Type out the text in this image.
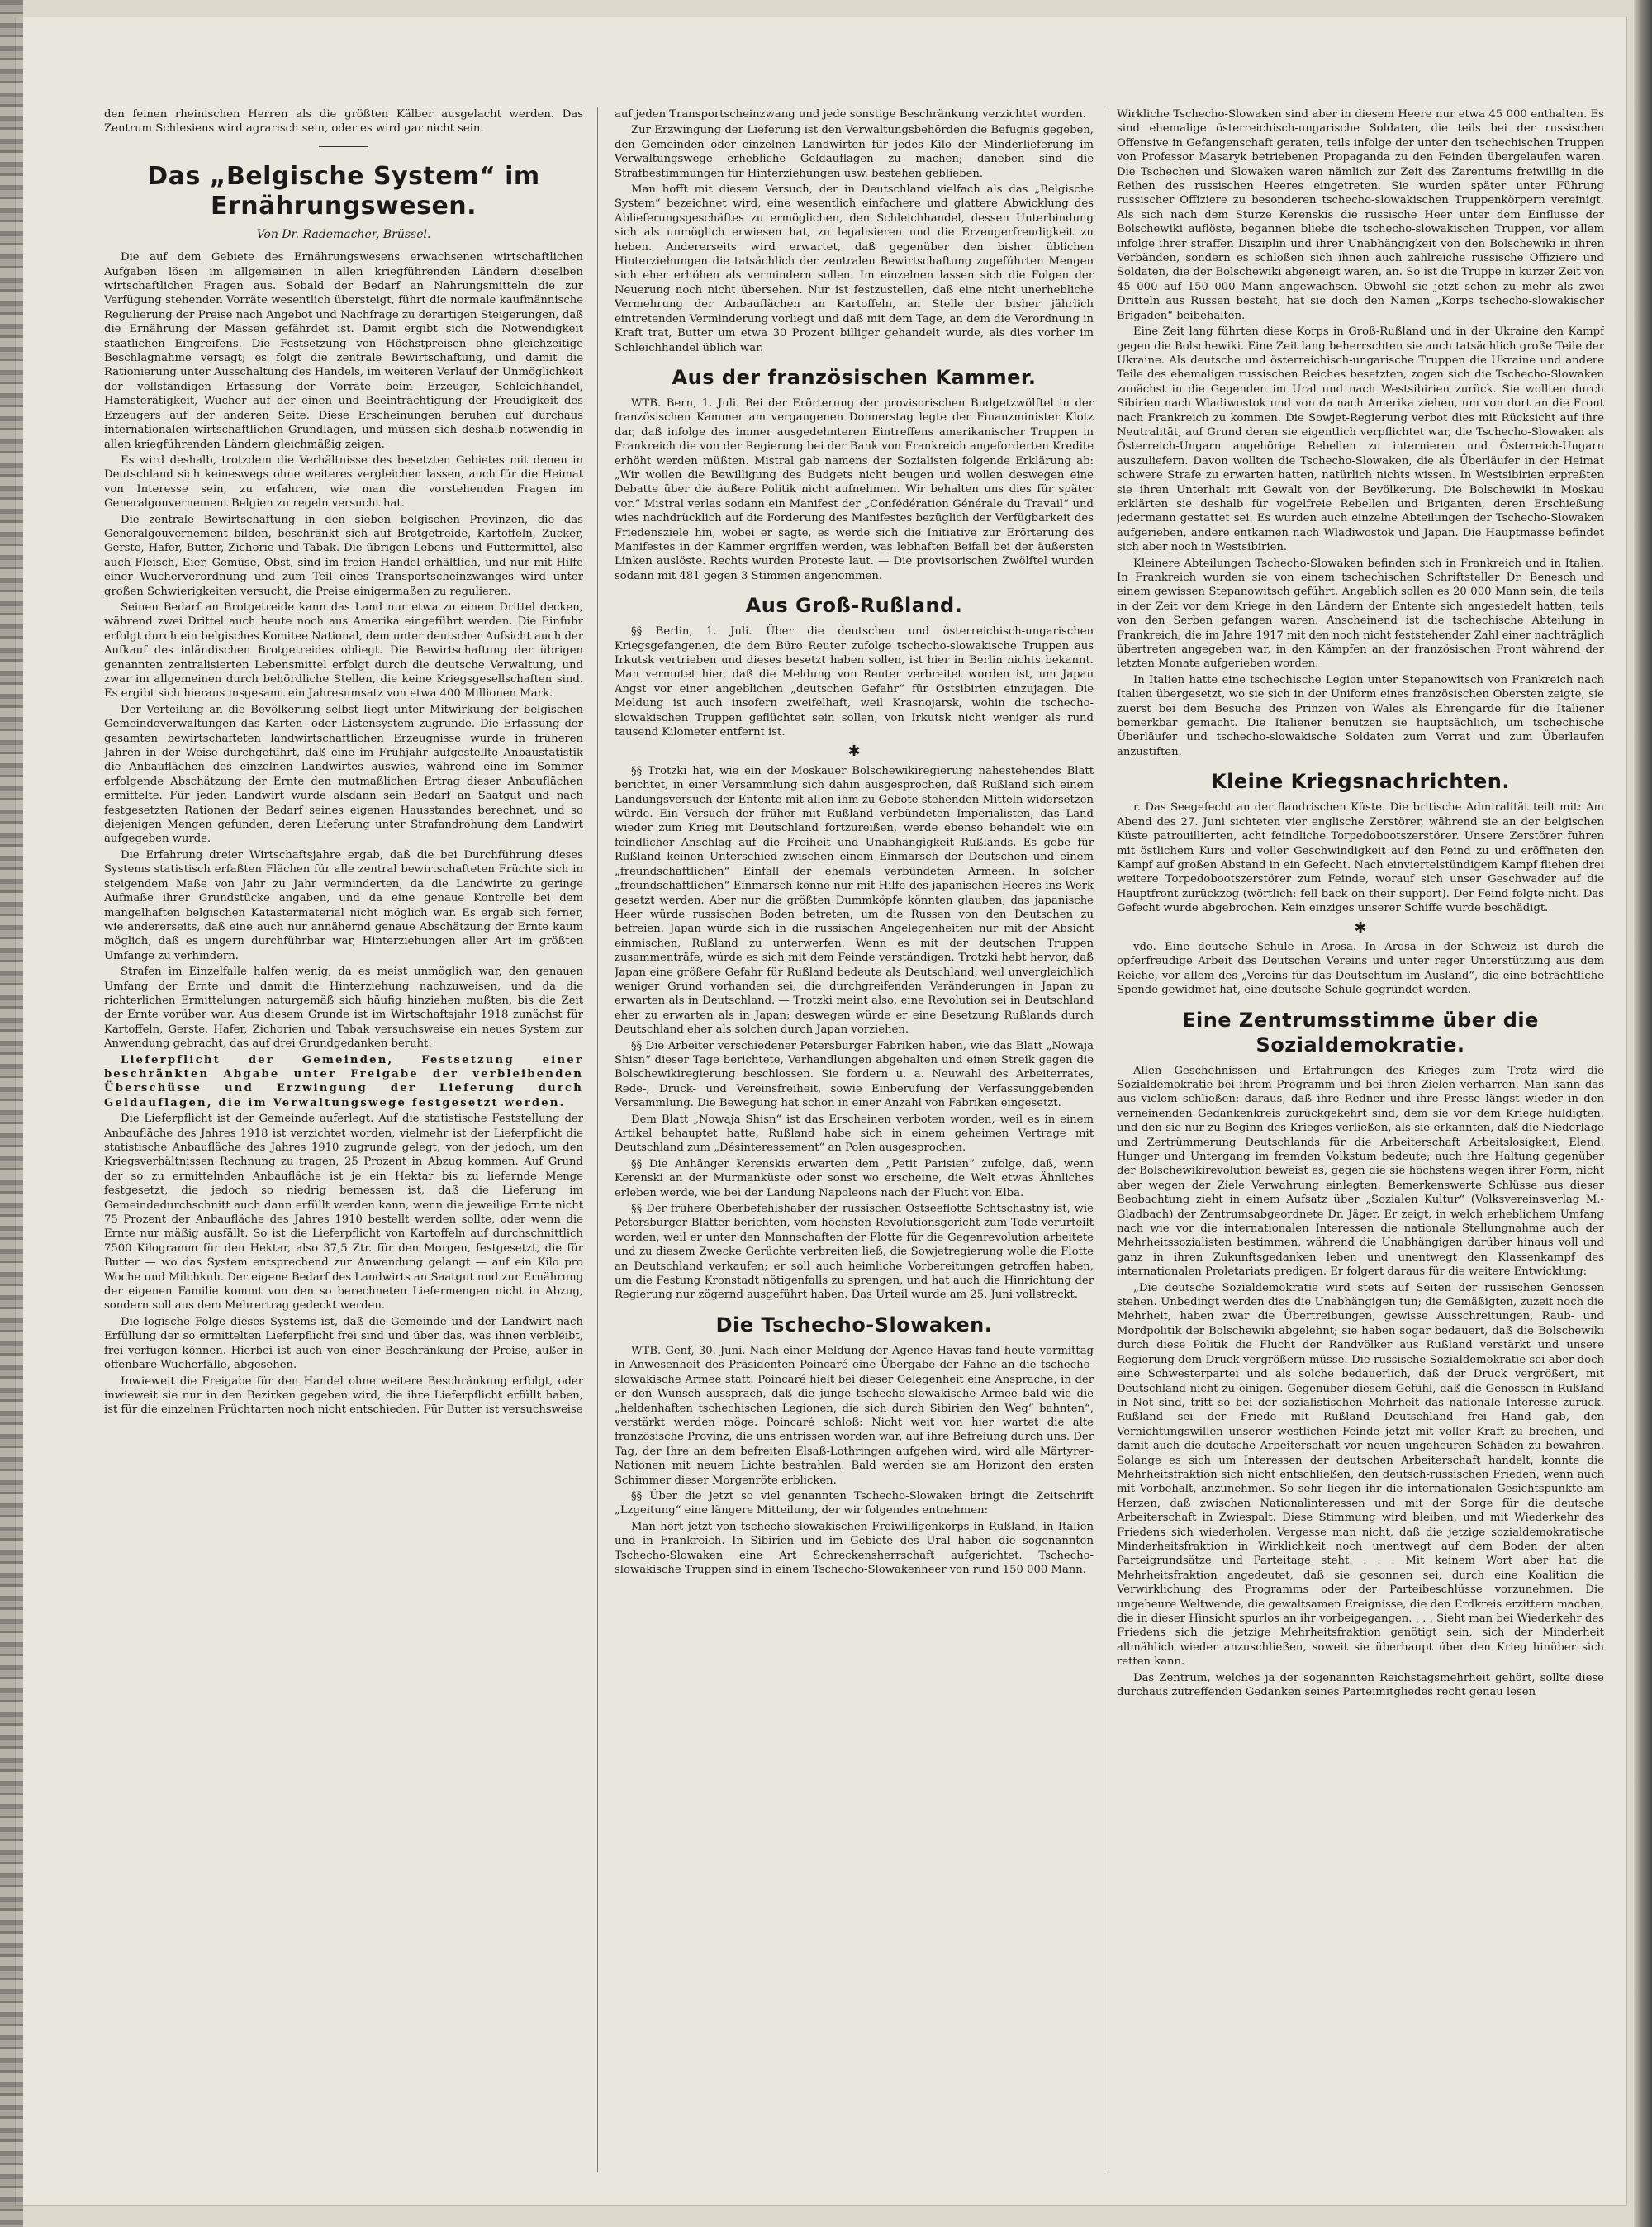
den feinen rheinischen Herren als die größten Kälber ausgelacht werden. Das Zentrum Schlesiens wird agrarisch sein, oder es wird gar nicht sein.

Das „Belgische System“ im Ernährungswesen.
Von Dr. Rademacher, Brüssel.

Die auf dem Gebiete des Ernährungswesens erwachsenen wirtschaftlichen Aufgaben lösen im allgemeinen in allen kriegführenden Ländern dieselben wirtschaftlichen Fragen aus. Sobald der Bedarf an Nahrungsmitteln die zur Verfügung stehenden Vorräte wesentlich übersteigt, führt die normale kaufmännische Regulierung der Preise nach Angebot und Nachfrage zu derartigen Steigerungen, daß die Ernährung der Massen gefährdet ist. Damit ergibt sich die Notwendigkeit staatlichen Eingreifens. Die Festsetzung von Höchstpreisen ohne gleichzeitige Beschlagnahme versagt; es folgt die zentrale Bewirtschaftung, und damit die Rationierung unter Ausschaltung des Handels, im weiteren Verlauf der Unmöglichkeit der vollständigen Erfassung der Vorräte beim Erzeuger, Schleichhandel, Hamsterätigkeit, Wucher auf der einen und Beeinträchtigung der Freudigkeit des Erzeugers auf der anderen Seite. Diese Erscheinungen beruhen auf durchaus internationalen wirtschaftlichen Grundlagen, und müssen sich deshalb notwendig in allen kriegführenden Ländern gleichmäßig zeigen.

Es wird deshalb, trotzdem die Verhältnisse des besetzten Gebietes mit denen in Deutschland sich keineswegs ohne weiteres vergleichen lassen, auch für die Heimat von Interesse sein, zu erfahren, wie man die vorstehenden Fragen im Generalgouvernement Belgien zu regeln versucht hat.

Die zentrale Bewirtschaftung in den sieben belgischen Provinzen, die das Generalgouvernement bilden, beschränkt sich auf Brotgetreide, Kartoffeln, Zucker, Gerste, Hafer, Butter, Zichorie und Tabak. Die übrigen Lebens- und Futtermittel, also auch Fleisch, Eier, Gemüse, Obst, sind im freien Handel erhältlich, und nur mit Hilfe einer Wucherverordnung und zum Teil eines Transportscheinzwanges wird unter großen Schwierigkeiten versucht, die Preise einigermaßen zu regulieren.

Seinen Bedarf an Brotgetreide kann das Land nur etwa zu einem Drittel decken, während zwei Drittel auch heute noch aus Amerika eingeführt werden. Die Einfuhr erfolgt durch ein belgisches Komitee National, dem unter deutscher Aufsicht auch der Aufkauf des inländischen Brotgetreides obliegt. Die Bewirtschaftung der übrigen genannten zentralisierten Lebensmittel erfolgt durch die deutsche Verwaltung, und zwar im allgemeinen durch behördliche Stellen, die keine Kriegsgesellschaften sind. Es ergibt sich hieraus insgesamt ein Jahresumsatz von etwa 400 Millionen Mark.

Der Verteilung an die Bevölkerung selbst liegt unter Mitwirkung der belgischen Gemeindeverwaltungen das Karten- oder Listensystem zugrunde. Die Erfassung der gesamten bewirtschafteten landwirtschaftlichen Erzeugnisse wurde in früheren Jahren in der Weise durchgeführt, daß eine im Frühjahr aufgestellte Anbaustatistik die Anbauflächen des einzelnen Landwirtes auswies, während eine im Sommer erfolgende Abschätzung der Ernte den mutmaßlichen Ertrag dieser Anbauflächen ermittelte. Für jeden Landwirt wurde alsdann sein Bedarf an Saatgut und nach festgesetzten Rationen der Bedarf seines eigenen Hausstandes berechnet, und so diejenigen Mengen gefunden, deren Lieferung unter Strafandrohung dem Landwirt aufgegeben wurde.

Die Erfahrung dreier Wirtschaftsjahre ergab, daß die bei Durchführung dieses Systems statistisch erfaßten Flächen für alle zentral bewirtschafteten Früchte sich in steigendem Maße von Jahr zu Jahr verminderten, da die Landwirte zu geringe Aufmaße ihrer Grundstücke angaben, und da eine genaue Kontrolle bei dem mangelhaften belgischen Katastermaterial nicht möglich war. Es ergab sich ferner, wie andererseits, daß eine auch nur annähernd genaue Abschätzung der Ernte kaum möglich, daß es ungern durchführbar war, Hinterziehungen aller Art im größten Umfange zu verhindern.

Strafen im Einzelfalle halfen wenig, da es meist unmöglich war, den genauen Umfang der Ernte und damit die Hinterziehung nachzuweisen, und da die richterlichen Ermittelungen naturgemäß sich häufig hinziehen mußten, bis die Zeit der Ernte vorüber war. Aus diesem Grunde ist im Wirtschaftsjahr 1918 zunächst für Kartoffeln, Gerste, Hafer, Zichorien und Tabak versuchsweise ein neues System zur Anwendung gebracht, das auf drei Grundgedanken beruht:

Lieferpflicht der Gemeinden, Festsetzung einer beschränkten Abgabe unter Freigabe der verbleibenden Überschüsse und Erzwingung der Lieferung durch Geldauflagen, die im Verwaltungswege festgesetzt werden.

Die Lieferpflicht ist der Gemeinde auferlegt. Auf die statistische Feststellung der Anbaufläche des Jahres 1918 ist verzichtet worden, vielmehr ist der Lieferpflicht die statistische Anbaufläche des Jahres 1910 zugrunde gelegt, von der jedoch, um den Kriegsverhältnissen Rechnung zu tragen, 25 Prozent in Abzug kommen. Auf Grund der so zu ermittelnden Anbaufläche ist je ein Hektar bis zu liefernde Menge festgesetzt, die jedoch so niedrig bemessen ist, daß die Lieferung im Gemeindedurchschnitt auch dann erfüllt werden kann, wenn die jeweilige Ernte nicht 75 Prozent der Anbaufläche des Jahres 1910 bestellt werden sollte, oder wenn die Ernte nur mäßig ausfällt. So ist die Lieferpflicht von Kartoffeln auf durchschnittlich 7500 Kilogramm für den Hektar, also 37,5 Ztr. für den Morgen, festgesetzt, die für Butter — wo das System entsprechend zur Anwendung gelangt — auf ein Kilo pro Woche und Milchkuh. Der eigene Bedarf des Landwirts an Saatgut und zur Ernährung der eigenen Familie kommt von den so berechneten Liefermengen nicht in Abzug, sondern soll aus dem Mehrertrag gedeckt werden.

Die logische Folge dieses Systems ist, daß die Gemeinde und der Landwirt nach Erfüllung der so ermittelten Lieferpflicht frei sind und über das, was ihnen verbleibt, frei verfügen können. Hierbei ist auch von einer Beschränkung der Preise, außer in offenbare Wucherfälle, abgesehen.

Inwieweit die Freigabe für den Handel ohne weitere Beschränkung erfolgt, oder inwieweit sie nur in den Bezirken gegeben wird, die ihre Lieferpflicht erfüllt haben, ist für die einzelnen Früchtarten noch nicht entschieden. Für Butter ist versuchsweise

auf jeden Transportscheinzwang und jede sonstige Beschränkung verzichtet worden.

Zur Erzwingung der Lieferung ist den Verwaltungsbehörden die Befugnis gegeben, den Gemeinden oder einzelnen Landwirten für jedes Kilo der Minderlieferung im Verwaltungswege erhebliche Geldauflagen zu machen; daneben sind die Strafbestimmungen für Hinterziehungen usw. bestehen geblieben.

Man hofft mit diesem Versuch, der in Deutschland vielfach als das „Belgische System“ bezeichnet wird, eine wesentlich einfachere und glattere Abwicklung des Ablieferungsgeschäftes zu ermöglichen, den Schleichhandel, dessen Unterbindung sich als unmöglich erwiesen hat, zu legalisieren und die Erzeugerfreudigkeit zu heben. Andererseits wird erwartet, daß gegenüber den bisher üblichen Hinterziehungen die tatsächlich der zentralen Bewirtschaftung zugeführten Mengen sich eher erhöhen als vermindern sollen. Im einzelnen lassen sich die Folgen der Neuerung noch nicht übersehen. Nur ist festzustellen, daß eine nicht unerhebliche Vermehrung der Anbauflächen an Kartoffeln, an Stelle der bisher jährlich eintretenden Verminderung vorliegt und daß mit dem Tage, an dem die Verordnung in Kraft trat, Butter um etwa 30 Prozent billiger gehandelt wurde, als dies vorher im Schleichhandel üblich war.

Aus der französischen Kammer.

WTB. Bern, 1. Juli. Bei der Erörterung der provisorischen Budgetzwölftel in der französischen Kammer am vergangenen Donnerstag legte der Finanzminister Klotz dar, daß infolge des immer ausgedehnteren Eintreffens amerikanischer Truppen in Frankreich die von der Regierung bei der Bank von Frankreich angeforderten Kredite erhöht werden müßten. Mistral gab namens der Sozialisten folgende Erklärung ab: „Wir wollen die Bewilligung des Budgets nicht beugen und wollen deswegen eine Debatte über die äußere Politik nicht aufnehmen. Wir behalten uns dies für später vor.“ Mistral verlas sodann ein Manifest der „Confédération Générale du Travail“ und wies nachdrücklich auf die Forderung des Manifestes bezüglich der Verfügbarkeit des Friedensziele hin, wobei er sagte, es werde sich die Initiative zur Erörterung des Manifestes in der Kammer ergriffen werden, was lebhaften Beifall bei der äußersten Linken auslöste. Rechts wurden Proteste laut. — Die provisorischen Zwölftel wurden sodann mit 481 gegen 3 Stimmen angenommen.

Aus Groß-Rußland.

§§ Berlin, 1. Juli. Über die deutschen und österreichisch-ungarischen Kriegsgefangenen, die dem Büro Reuter zufolge tschecho-slowakische Truppen aus Irkutsk vertrieben und dieses besetzt haben sollen, ist hier in Berlin nichts bekannt. Man vermutet hier, daß die Meldung von Reuter verbreitet worden ist, um Japan Angst vor einer angeblichen „deutschen Gefahr“ für Ostsibirien einzujagen. Die Meldung ist auch insofern zweifelhaft, weil Krasnojarsk, wohin die tschecho-slowakischen Truppen geflüchtet sein sollen, von Irkutsk nicht weniger als rund tausend Kilometer entfernt ist.

✱

§§ Trotzki hat, wie ein der Moskauer Bolschewikiregierung nahestehendes Blatt berichtet, in einer Versammlung sich dahin ausgesprochen, daß Rußland sich einem Landungsversuch der Entente mit allen ihm zu Gebote stehenden Mitteln widersetzen würde. Ein Versuch der früher mit Rußland verbündeten Imperialisten, das Land wieder zum Krieg mit Deutschland fortzureißen, werde ebenso behandelt wie ein feindlicher Anschlag auf die Freiheit und Unabhängigkeit Rußlands. Es gebe für Rußland keinen Unterschied zwischen einem Einmarsch der Deutschen und einem „freundschaftlichen“ Einfall der ehemals verbündeten Armeen. In solcher „freundschaftlichen“ Einmarsch könne nur mit Hilfe des japanischen Heeres ins Werk gesetzt werden. Aber nur die größten Dummköpfe könnten glauben, das japanische Heer würde russischen Boden betreten, um die Russen von den Deutschen zu befreien. Japan würde sich in die russischen Angelegenheiten nur mit der Absicht einmischen, Rußland zu unterwerfen. Wenn es mit der deutschen Truppen zusammenträfe, würde es sich mit dem Feinde verständigen. Trotzki hebt hervor, daß Japan eine größere Gefahr für Rußland bedeute als Deutschland, weil unvergleichlich weniger Grund vorhanden sei, die durchgreifenden Veränderungen in Japan zu erwarten als in Deutschland. — Trotzki meint also, eine Revolution sei in Deutschland eher zu erwarten als in Japan; deswegen würde er eine Besetzung Rußlands durch Deutschland eher als solchen durch Japan vorziehen.

§§ Die Arbeiter verschiedener Petersburger Fabriken haben, wie das Blatt „Nowaja Shisn“ dieser Tage berichtete, Verhandlungen abgehalten und einen Streik gegen die Bolschewikiregierung beschlossen. Sie fordern u. a. Neuwahl des Arbeiterrates, Rede-, Druck- und Vereinsfreiheit, sowie Einberufung der Verfassunggebenden Versammlung. Die Bewegung hat schon in einer Anzahl von Fabriken eingesetzt.

Dem Blatt „Nowaja Shisn“ ist das Erscheinen verboten worden, weil es in einem Artikel behauptet hatte, Rußland habe sich in einem geheimen Vertrage mit Deutschland zum „Désinteressement“ an Polen ausgesprochen.

§§ Die Anhänger Kerenskis erwarten dem „Petit Parisien“ zufolge, daß, wenn Kerenski an der Murmanküste oder sonst wo erscheine, die Welt etwas Ähnliches erleben werde, wie bei der Landung Napoleons nach der Flucht von Elba.

§§ Der frühere Oberbefehlshaber der russischen Ostseeflotte Schtschastny ist, wie Petersburger Blätter berichten, vom höchsten Revolutionsgericht zum Tode verurteilt worden, weil er unter den Mannschaften der Flotte für die Gegenrevolution arbeitete und zu diesem Zwecke Gerüchte verbreiten ließ, die Sowjetregierung wolle die Flotte an Deutschland verkaufen; er soll auch heimliche Vorbereitungen getroffen haben, um die Festung Kronstadt nötigenfalls zu sprengen, und hat auch die Hinrichtung der Regierung nur zögernd ausgeführt haben. Das Urteil wurde am 25. Juni vollstreckt.

Die Tschecho-Slowaken.

WTB. Genf, 30. Juni. Nach einer Meldung der Agence Havas fand heute vormittag in Anwesenheit des Präsidenten Poincaré eine Übergabe der Fahne an die tschecho-slowakische Armee statt. Poincaré hielt bei dieser Gelegenheit eine Ansprache, in der er den Wunsch aussprach, daß die junge tschecho-slowakische Armee bald wie die „heldenhaften tschechischen Legionen, die sich durch Sibirien den Weg“ bahnten“, verstärkt werden möge. Poincaré schloß: Nicht weit von hier wartet die alte französische Provinz, die uns entrissen worden war, auf ihre Befreiung durch uns. Der Tag, der Ihre an dem befreiten Elsaß-Lothringen aufgehen wird, wird alle Märtyrer-Nationen mit neuem Lichte bestrahlen. Bald werden sie am Horizont den ersten Schimmer dieser Morgenröte erblicken.

§§ Über die jetzt so viel genannten Tschecho-Slowaken bringt die Zeitschrift „Lzgeitung“ eine längere Mitteilung, der wir folgendes entnehmen:

Man hört jetzt von tschecho-slowakischen Freiwilligenkorps in Rußland, in Italien und in Frankreich. In Sibirien und im Gebiete des Ural haben die sogenannten Tschecho-Slowaken eine Art Schreckensherrschaft aufgerichtet. Tschecho-slowakische Truppen sind in einem Tschecho-Slowakenheer von rund 150 000 Mann.

Wirkliche Tschecho-Slowaken sind aber in diesem Heere nur etwa 45 000 enthalten. Es sind ehemalige österreichisch-ungarische Soldaten, die teils bei der russischen Offensive in Gefangenschaft geraten, teils infolge der unter den tschechischen Truppen von Professor Masaryk betriebenen Propaganda zu den Feinden übergelaufen waren. Die Tschechen und Slowaken waren nämlich zur Zeit des Zarentums freiwillig in die Reihen des russischen Heeres eingetreten. Sie wurden später unter Führung russischer Offiziere zu besonderen tschecho-slowakischen Truppenkörpern vereinigt. Als sich nach dem Sturze Kerenskis die russische Heer unter dem Einflusse der Bolschewiki auflöste, begannen bliebe die tschecho-slowakischen Truppen, vor allem infolge ihrer straffen Disziplin und ihrer Unabhängigkeit von den Bolschewiki in ihren Verbänden, sondern es schloßen sich ihnen auch zahlreiche russische Offiziere und Soldaten, die der Bolschewiki abgeneigt waren, an. So ist die Truppe in kurzer Zeit von 45 000 auf 150 000 Mann angewachsen. Obwohl sie jetzt schon zu mehr als zwei Dritteln aus Russen besteht, hat sie doch den Namen „Korps tschecho-slowakischer Brigaden“ beibehalten.

Eine Zeit lang führten diese Korps in Groß-Rußland und in der Ukraine den Kampf gegen die Bolschewiki. Eine Zeit lang beherrschten sie auch tatsächlich große Teile der Ukraine. Als deutsche und österreichisch-ungarische Truppen die Ukraine und andere Teile des ehemaligen russischen Reiches besetzten, zogen sich die Tschecho-Slowaken zunächst in die Gegenden im Ural und nach Westsibirien zurück. Sie wollten durch Sibirien nach Wladiwostok und von da nach Amerika ziehen, um von dort an die Front nach Frankreich zu kommen. Die Sowjet-Regierung verbot dies mit Rücksicht auf ihre Neutralität, auf Grund deren sie eigentlich verpflichtet war, die Tschecho-Slowaken als Österreich-Ungarn angehörige Rebellen zu internieren und Österreich-Ungarn auszuliefern. Davon wollten die Tschecho-Slowaken, die als Überläufer in der Heimat schwere Strafe zu erwarten hatten, natürlich nichts wissen. In Westsibirien erpreßten sie ihren Unterhalt mit Gewalt von der Bevölkerung. Die Bolschewiki in Moskau erklärten sie deshalb für vogelfreie Rebellen und Briganten, deren Erschießung jedermann gestattet sei. Es wurden auch einzelne Abteilungen der Tschecho-Slowaken aufgerieben, andere entkamen nach Wladiwostok und Japan. Die Hauptmasse befindet sich aber noch in Westsibirien.

Kleinere Abteilungen Tschecho-Slowaken befinden sich in Frankreich und in Italien. In Frankreich wurden sie von einem tschechischen Schriftsteller Dr. Benesch und einem gewissen Stepanowitsch geführt. Angeblich sollen es 20 000 Mann sein, die teils in der Zeit vor dem Kriege in den Ländern der Entente sich angesiedelt hatten, teils von den Serben gefangen waren. Anscheinend ist die tschechische Abteilung in Frankreich, die im Jahre 1917 mit den noch nicht feststehender Zahl einer nachträglich übertreten angegeben war, in den Kämpfen an der französischen Front während der letzten Monate aufgerieben worden.

In Italien hatte eine tschechische Legion unter Stepanowitsch von Frankreich nach Italien übergesetzt, wo sie sich in der Uniform eines französischen Obersten zeigte, sie zuerst bei dem Besuche des Prinzen von Wales als Ehrengarde für die Italiener bemerkbar gemacht. Die Italiener benutzen sie hauptsächlich, um tschechische Überläufer und tschecho-slowakische Soldaten zum Verrat und zum Überlaufen anzustiften.

Kleine Kriegsnachrichten.

r. Das Seegefecht an der flandrischen Küste. Die britische Admiralität teilt mit: Am Abend des 27. Juni sichteten vier englische Zerstörer, während sie an der belgischen Küste patrouillierten, acht feindliche Torpedobootszerstörer. Unsere Zerstörer fuhren mit östlichem Kurs und voller Geschwindigkeit auf den Feind zu und eröffneten den Kampf auf großen Abstand in ein Gefecht. Nach einviertelstündigem Kampf fliehen drei weitere Torpedobootszerstörer zum Feinde, worauf sich unser Geschwader auf die Hauptfront zurückzog (wörtlich: fell back on their support). Der Feind folgte nicht. Das Gefecht wurde abgebrochen. Kein einziges unserer Schiffe wurde beschädigt.

✱

vdo. Eine deutsche Schule in Arosa. In Arosa in der Schweiz ist durch die opferfreudige Arbeit des Deutschen Vereins und unter reger Unterstützung aus dem Reiche, vor allem des „Vereins für das Deutschtum im Ausland“, die eine beträchtliche Spende gewidmet hat, eine deutsche Schule gegründet worden.

Eine Zentrumsstimme über die Sozialdemokratie.

Allen Geschehnissen und Erfahrungen des Krieges zum Trotz wird die Sozialdemokratie bei ihrem Programm und bei ihren Zielen verharren. Man kann das aus vielem schließen: daraus, daß ihre Redner und ihre Presse längst wieder in den verneinenden Gedankenkreis zurückgekehrt sind, dem sie vor dem Kriege huldigten, und den sie nur zu Beginn des Krieges verließen, als sie erkannten, daß die Niederlage und Zertrümmerung Deutschlands für die Arbeiterschaft Arbeitslosigkeit, Elend, Hunger und Untergang im fremden Volkstum bedeute; auch ihre Haltung gegenüber der Bolschewikirevolution beweist es, gegen die sie höchstens wegen ihrer Form, nicht aber wegen der Ziele Verwahrung einlegten. Bemerkenswerte Schlüsse aus dieser Beobachtung zieht in einem Aufsatz über „Sozialen Kultur“ (Volksvereinsverlag M.-Gladbach) der Zentrumsabgeordnete Dr. Jäger. Er zeigt, in welch erheblichem Umfang nach wie vor die internationalen Interessen die nationale Stellungnahme auch der Mehrheitssozialisten bestimmen, während die Unabhängigen darüber hinaus voll und ganz in ihren Zukunftsgedanken leben und unentwegt den Klassenkampf des internationalen Proletariats predigen. Er folgert daraus für die weitere Entwicklung:

„Die deutsche Sozialdemokratie wird stets auf Seiten der russischen Genossen stehen. Unbedingt werden dies die Unabhängigen tun; die Gemäßigten, zuzeit noch die Mehrheit, haben zwar die Übertreibungen, gewisse Ausschreitungen, Raub- und Mordpolitik der Bolschewiki abgelehnt; sie haben sogar bedauert, daß die Bolschewiki durch diese Politik die Flucht der Randvölker aus Rußland verstärkt und unsere Regierung dem Druck vergrößern müsse. Die russische Sozialdemokratie sei aber doch eine Schwesterpartei und als solche bedauerlich, daß der Druck vergrößert, mit Deutschland nicht zu einigen. Gegenüber diesem Gefühl, daß die Genossen in Rußland in Not sind, tritt so bei der sozialistischen Mehrheit das nationale Interesse zurück. Rußland sei der Friede mit Rußland Deutschland frei Hand gab, den Vernichtungswillen unserer westlichen Feinde jetzt mit voller Kraft zu brechen, und damit auch die deutsche Arbeiterschaft vor neuen ungeheuren Schäden zu bewahren. Solange es sich um Interessen der deutschen Arbeiterschaft handelt, konnte die Mehrheitsfraktion sich nicht entschließen, den deutsch-russischen Frieden, wenn auch mit Vorbehalt, anzunehmen. So sehr liegen ihr die internationalen Gesichtspunkte am Herzen, daß zwischen Nationalinteressen und mit der Sorge für die deutsche Arbeiterschaft in Zwiespalt. Diese Stimmung wird bleiben, und mit Wiederkehr des Friedens sich wiederholen. Vergesse man nicht, daß die jetzige sozialdemokratische Minderheitsfraktion in Wirklichkeit noch unentwegt auf dem Boden der alten Parteigrundsätze und Parteitage steht. . . . Mit keinem Wort aber hat die Mehrheitsfraktion angedeutet, daß sie gesonnen sei, durch eine Koalition die Verwirklichung des Programms oder der Parteibeschlüsse vorzunehmen. Die ungeheure Weltwende, die gewaltsamen Ereignisse, die den Erdkreis erzittern machen, die in dieser Hinsicht spurlos an ihr vorbeigegangen. . . . Sieht man bei Wiederkehr des Friedens sich die jetzige Mehrheitsfraktion genötigt sein, sich der Minderheit allmählich wieder anzuschließen, soweit sie überhaupt über den Krieg hinüber sich retten kann.

Das Zentrum, welches ja der sogenannten Reichstagsmehrheit gehört, sollte diese durchaus zutreffenden Gedanken seines Parteimitgliedes recht genau lesen
